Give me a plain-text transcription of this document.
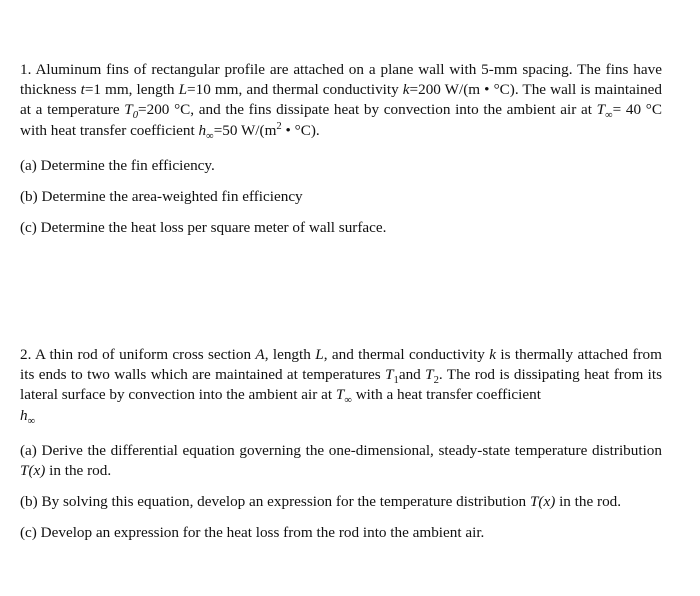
1. Aluminum fins of rectangular profile are attached on a plane wall with 5-mm spacing. The fins have thickness t=1 mm, length L=10 mm, and thermal conductivity k=200 W/(m • °C). The wall is maintained at a temperature $T_0=200$ °C, and the fins dissipate heat by convection into the ambient air at $T_\infty= 40$ °C with heat transfer coefficient $h_\infty=50$ $W/(m^2$ • °C).

(a) Determine the fin efficiency.

(b) Determine the area-weighted fin efficiency

(c) Determine the heat loss per square meter of wall surface.

2. A thin rod of uniform cross section A, length L, and thermal conductivity k is thermally attached from its ends to two walls which are maintained at temperatures $T_1and$ $T_2$. The rod is dissipating heat from its lateral surface by convection into the ambient air at $T_\infty$ with a heat transfer coefficient
$h_\infty$

(a) Derive the differential equation governing the one-dimensional, steady-state temperature distribution T(x) in the rod.

(b) By solving this equation, develop an expression for the temperature distribution T(x) in the rod.

(c) Develop an expression for the heat loss from the rod into the ambient air.
